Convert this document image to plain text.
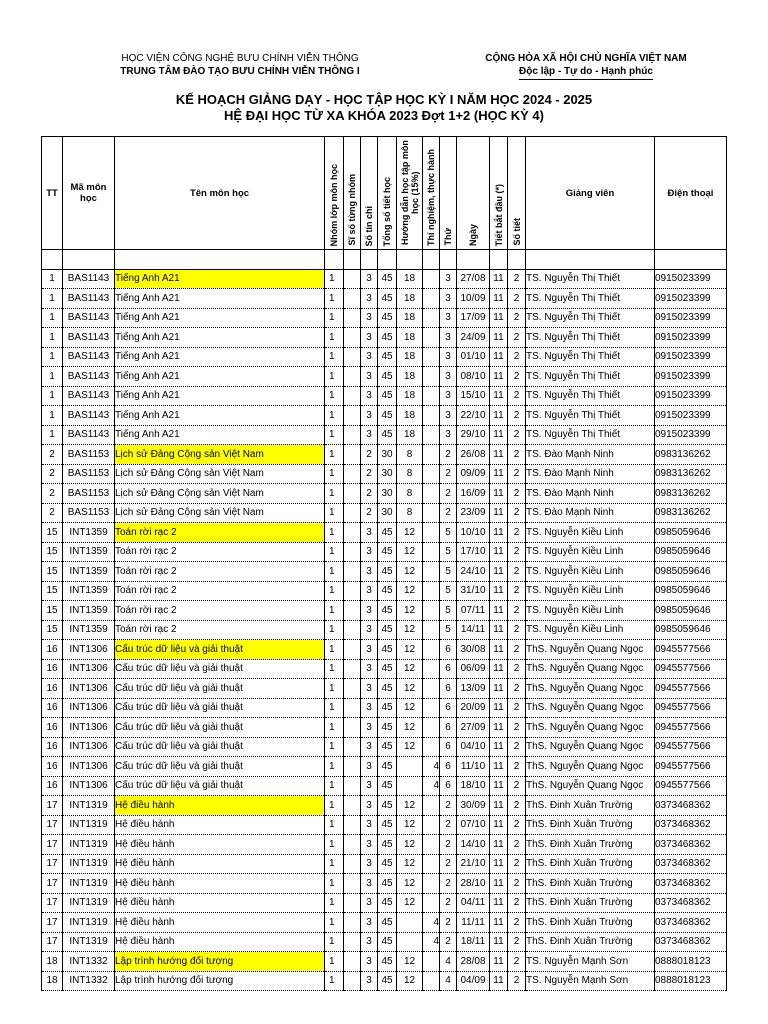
HỌC VIỆN CÔNG NGHỆ BƯU CHÍNH VIỄN THÔNG
TRUNG TÂM ĐÀO TẠO BƯU CHÍNH VIỄN THÔNG I
CỘNG HÒA XÃ HỘI CHỦ NGHĨA VIỆT NAM
Độc lập - Tự do - Hạnh phúc
KẾ HOẠCH GIẢNG DẠY - HỌC TẬP HỌC KỲ I NĂM HỌC 2024 - 2025
HỆ ĐẠI HỌC TỪ XA KHÓA 2023 Đợt 1+2 (HỌC KỲ 4)
TT	Mã môn học	Tên môn học	Nhóm lớp môn học	Sĩ số từng nhóm	Số tín chỉ	Tổng số tiết học	Hướng dẫn học tập môn học (15%)	Thí nghiệm, thực hành	Thứ	Ngày	Tiết bắt đầu (*)	Số tiết	Giảng viên	Điện thoại

1	BAS1143	Tiếng Anh A21	1		3	45	18		3	27/08	11	2	TS. Nguyễn Thị Thiết	0915023399
1	BAS1143	Tiếng Anh A21	1		3	45	18		3	10/09	11	2	TS. Nguyễn Thị Thiết	0915023399
1	BAS1143	Tiếng Anh A21	1		3	45	18		3	17/09	11	2	TS. Nguyễn Thị Thiết	0915023399
1	BAS1143	Tiếng Anh A21	1		3	45	18		3	24/09	11	2	TS. Nguyễn Thị Thiết	0915023399
1	BAS1143	Tiếng Anh A21	1		3	45	18		3	01/10	11	2	TS. Nguyễn Thị Thiết	0915023399
1	BAS1143	Tiếng Anh A21	1		3	45	18		3	08/10	11	2	TS. Nguyễn Thị Thiết	0915023399
1	BAS1143	Tiếng Anh A21	1		3	45	18		3	15/10	11	2	TS. Nguyễn Thị Thiết	0915023399
1	BAS1143	Tiếng Anh A21	1		3	45	18		3	22/10	11	2	TS. Nguyễn Thị Thiết	0915023399
1	BAS1143	Tiếng Anh A21	1		3	45	18		3	29/10	11	2	TS. Nguyễn Thị Thiết	0915023399
2	BAS1153	Lịch sử Đảng Cộng sản Việt Nam	1		2	30	8		2	26/08	11	2	TS. Đào Mạnh Ninh	0983136262
2	BAS1153	Lịch sử Đảng Cộng sản Việt Nam	1		2	30	8		2	09/09	11	2	TS. Đào Mạnh Ninh	0983136262
2	BAS1153	Lịch sử Đảng Cộng sản Việt Nam	1		2	30	8		2	16/09	11	2	TS. Đào Mạnh Ninh	0983136262
2	BAS1153	Lịch sử Đảng Cộng sản Việt Nam	1		2	30	8		2	23/09	11	2	TS. Đào Mạnh Ninh	0983136262
15	INT1359	Toán rời rạc 2	1		3	45	12		5	10/10	11	2	TS. Nguyễn Kiều Linh	0985059646
15	INT1359	Toán rời rạc 2	1		3	45	12		5	17/10	11	2	TS. Nguyễn Kiều Linh	0985059646
15	INT1359	Toán rời rạc 2	1		3	45	12		5	24/10	11	2	TS. Nguyễn Kiều Linh	0985059646
15	INT1359	Toán rời rạc 2	1		3	45	12		5	31/10	11	2	TS. Nguyễn Kiều Linh	0985059646
15	INT1359	Toán rời rạc 2	1		3	45	12		5	07/11	11	2	TS. Nguyễn Kiều Linh	0985059646
15	INT1359	Toán rời rạc 2	1		3	45	12		5	14/11	11	2	TS. Nguyễn Kiều Linh	0985059646
16	INT1306	Cấu trúc dữ liệu và giải thuật	1		3	45	12		6	30/08	11	2	ThS. Nguyễn Quang Ngọc	0945577566
16	INT1306	Cấu trúc dữ liệu và giải thuật	1		3	45	12		6	06/09	11	2	ThS. Nguyễn Quang Ngọc	0945577566
16	INT1306	Cấu trúc dữ liệu và giải thuật	1		3	45	12		6	13/09	11	2	ThS. Nguyễn Quang Ngọc	0945577566
16	INT1306	Cấu trúc dữ liệu và giải thuật	1		3	45	12		6	20/09	11	2	ThS. Nguyễn Quang Ngọc	0945577566
16	INT1306	Cấu trúc dữ liệu và giải thuật	1		3	45	12		6	27/09	11	2	ThS. Nguyễn Quang Ngọc	0945577566
16	INT1306	Cấu trúc dữ liệu và giải thuật	1		3	45	12		6	04/10	11	2	ThS. Nguyễn Quang Ngọc	0945577566
16	INT1306	Cấu trúc dữ liệu và giải thuật	1		3	45		4	6	11/10	11	2	ThS. Nguyễn Quang Ngọc	0945577566
16	INT1306	Cấu trúc dữ liệu và giải thuật	1		3	45		4	6	18/10	11	2	ThS. Nguyễn Quang Ngọc	0945577566
17	INT1319	Hệ điều hành	1		3	45	12		2	30/09	11	2	ThS. Đinh Xuân Trường	0373468362
17	INT1319	Hệ điều hành	1		3	45	12		2	07/10	11	2	ThS. Đinh Xuân Trường	0373468362
17	INT1319	Hệ điều hành	1		3	45	12		2	14/10	11	2	ThS. Đinh Xuân Trường	0373468362
17	INT1319	Hệ điều hành	1		3	45	12		2	21/10	11	2	ThS. Đinh Xuân Trường	0373468362
17	INT1319	Hệ điều hành	1		3	45	12		2	28/10	11	2	ThS. Đinh Xuân Trường	0373468362
17	INT1319	Hệ điều hành	1		3	45	12		2	04/11	11	2	ThS. Đinh Xuân Trường	0373468362
17	INT1319	Hệ điều hành	1		3	45		4	2	11/11	11	2	ThS. Đinh Xuân Trường	0373468362
17	INT1319	Hệ điều hành	1		3	45		4	2	18/11	11	2	ThS. Đinh Xuân Trường	0373468362
18	INT1332	Lập trình hướng đối tượng	1		3	45	12		4	28/08	11	2	TS. Nguyễn Mạnh Sơn	0888018123
18	INT1332	Lập trình hướng đối tượng	1		3	45	12		4	04/09	11	2	TS. Nguyễn Mạnh Sơn	0888018123
